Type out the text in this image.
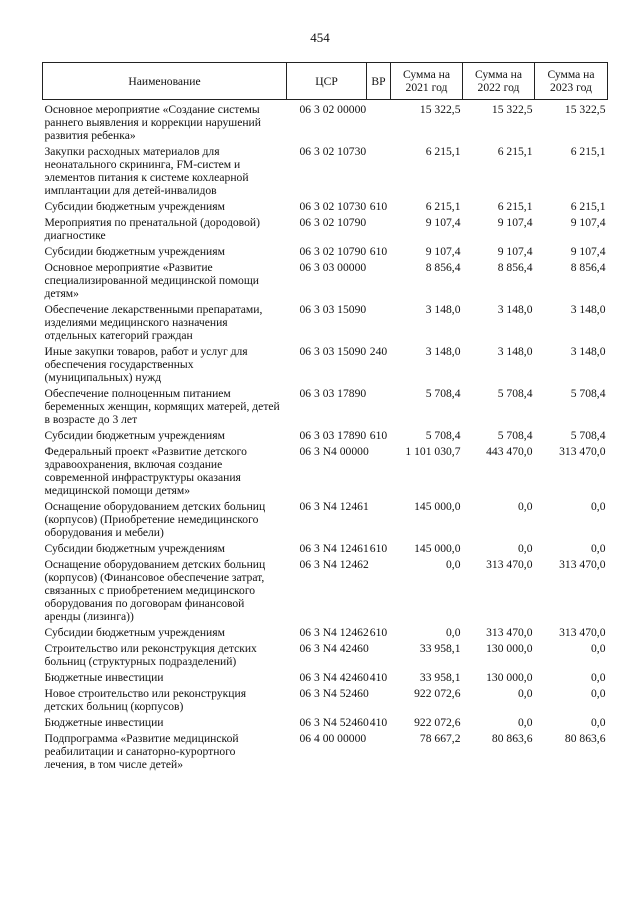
454
Наименование	ЦСР	ВР	Сумма на 2021 год	Сумма на 2022 год	Сумма на 2023 год
Основное мероприятие «Создание системы раннего выявления и коррекции нарушений развития ребенка»	06 3 02 00000		15 322,5	15 322,5	15 322,5
Закупки расходных материалов для неонатального скрининга, FM-систем и элементов питания к системе кохлеарной имплантации для детей-инвалидов	06 3 02 10730		6 215,1	6 215,1	6 215,1
Субсидии бюджетным учреждениям	06 3 02 10730	610	6 215,1	6 215,1	6 215,1
Мероприятия по пренатальной (дородовой) диагностике	06 3 02 10790		9 107,4	9 107,4	9 107,4
Субсидии бюджетным учреждениям	06 3 02 10790	610	9 107,4	9 107,4	9 107,4
Основное мероприятие «Развитие специализированной медицинской помощи детям»	06 3 03 00000		8 856,4	8 856,4	8 856,4
Обеспечение лекарственными препаратами, изделиями медицинского назначения отдельных категорий граждан	06 3 03 15090		3 148,0	3 148,0	3 148,0
Иные закупки товаров, работ и услуг для обеспечения государственных (муниципальных) нужд	06 3 03 15090	240	3 148,0	3 148,0	3 148,0
Обеспечение полноценным питанием беременных женщин, кормящих матерей, детей в возрасте до 3 лет	06 3 03 17890		5 708,4	5 708,4	5 708,4
Субсидии бюджетным учреждениям	06 3 03 17890	610	5 708,4	5 708,4	5 708,4
Федеральный проект «Развитие детского здравоохранения, включая создание современной инфраструктуры оказания медицинской помощи детям»	06 3 N4 00000		1 101 030,7	443 470,0	313 470,0
Оснащение оборудованием детских больниц (корпусов) (Приобретение немедицинского оборудования и мебели)	06 3 N4 12461		145 000,0	0,0	0,0
Субсидии бюджетным учреждениям	06 3 N4 12461	610	145 000,0	0,0	0,0
Оснащение оборудованием детских больниц (корпусов) (Финансовое обеспечение затрат, связанных с приобретением медицинского оборудования по договорам финансовой аренды (лизинга))	06 3 N4 12462		0,0	313 470,0	313 470,0
Субсидии бюджетным учреждениям	06 3 N4 12462	610	0,0	313 470,0	313 470,0
Строительство или реконструкция детских больниц (структурных подразделений)	06 3 N4 42460		33 958,1	130 000,0	0,0
Бюджетные инвестиции	06 3 N4 42460	410	33 958,1	130 000,0	0,0
Новое строительство или реконструкция детских больниц (корпусов)	06 3 N4 52460		922 072,6	0,0	0,0
Бюджетные инвестиции	06 3 N4 52460	410	922 072,6	0,0	0,0
Подпрограмма «Развитие медицинской реабилитации и санаторно-курортного лечения, в том числе детей»	06 4 00 00000		78 667,2	80 863,6	80 863,6
